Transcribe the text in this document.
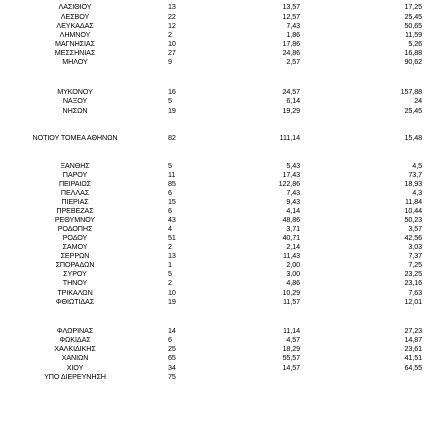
ΛΑΣΙΘΙΟΥ	13	13,57	17,25
ΛΕΣΒΟΥ	22	12,57	25,45
ΛΕΥΚΑΔΑΣ	12	7,43	50,65
ΛΗΜΝΟΥ	2	1,86	11,59
ΜΑΓΝΗΣΙΑΣ	10	17,86	5,26
ΜΕΣΣΗΝΙΑΣ	27	24,86	16,88
ΜΗΛΟΥ	9	2,57	90,62
ΜΥΚΟΝΟΥ	16	24,57	157,88
ΝΑΞΟΥ	5	6,14	24
ΝΗΣΩΝ	19	19,29	25,45
ΝΟΤΙΟΥ ΤΟΜΕΑ ΑΘΗΝΩΝ	82	111,14	15,48
ΞΑΝΘΗΣ	5	5,43	4,5
ΠΑΡΟΥ	11	17,43	73,7
ΠΕΙΡΑΙΩΣ	85	122,86	18,93
ΠΕΛΛΑΣ	6	7,43	4,3
ΠΙΕΡΙΑΣ	15	9,43	11,84
ΠΡΕΒΕΖΑΣ	6	4,14	10,44
ΡΕΘΥΜΝΟΥ	43	48,86	50,23
ΡΟΔΟΠΗΣ	4	3,71	3,57
ΡΟΔΟΥ	51	40,71	42,56
ΣΑΜΟΥ	2	2,14	3,03
ΣΕΡΡΩΝ	13	11,43	7,37
ΣΠΟΡΑΔΩΝ	1	2,00	7,25
ΣΥΡΟΥ	5	3,00	23,25
ΤΗΝΟΥ	2	4,86	23,16
ΤΡΙΚΑΛΩΝ	10	10,29	7,63
ΦΘΙΩΤΙΔΑΣ	19	11,57	12,01
ΦΛΩΡΙΝΑΣ	14	11,14	27,23
ΦΩΚΙΔΑΣ	6	4,57	14,87
ΧΑΛΚΙΔΙΚΗΣ	25	18,29	23,61
ΧΑΝΙΩΝ	65	55,57	41,51
ΧΙΟΥ	34	14,57	64,55
ΥΠΟ ΔΙΕΡΕΥΝΗΣΗ	75
